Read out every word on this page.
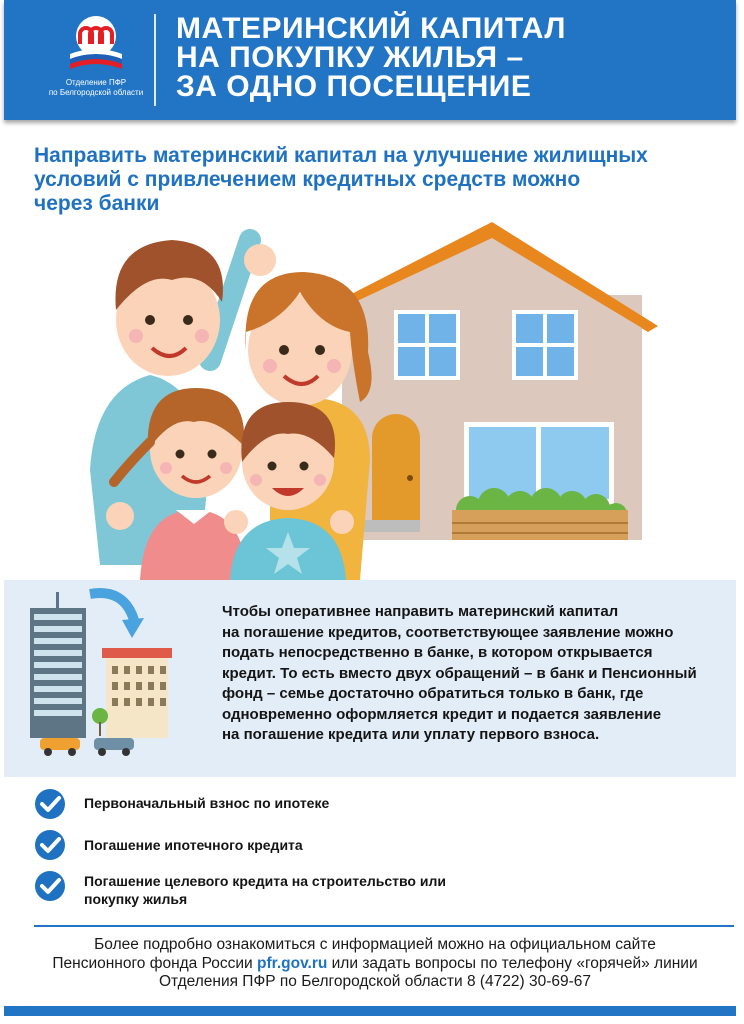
Отделение ПФР
по Белгородской области
МАТЕРИНСКИЙ КАПИТАЛ
НА ПОКУПКУ ЖИЛЬЯ –
ЗА ОДНО ПОСЕЩЕНИЕ
Направить материнский капитал на улучшение жилищных
условий с привлечением кредитных средств можно
через банки
Чтобы оперативнее направить материнский капитал
на погашение кредитов, соответствующее заявление можно
подать непосредственно в банке, в котором открывается
кредит. То есть вместо двух обращений – в банк и Пенсионный
фонд – семье достаточно обратиться только в банк, где
одновременно оформляется кредит и подается заявление
на погашение кредита или уплату первого взноса.
Первоначальный взнос по ипотеке
Погашение ипотечного кредита
Погашение целевого кредита на строительство или
покупку жилья
Более подробно ознакомиться с информацией можно на официальном сайте
Пенсионного фонда России pfr.gov.ru или задать вопросы по телефону «горячей» линии
Отделения ПФР по Белгородской области 8 (4722) 30-69-67
